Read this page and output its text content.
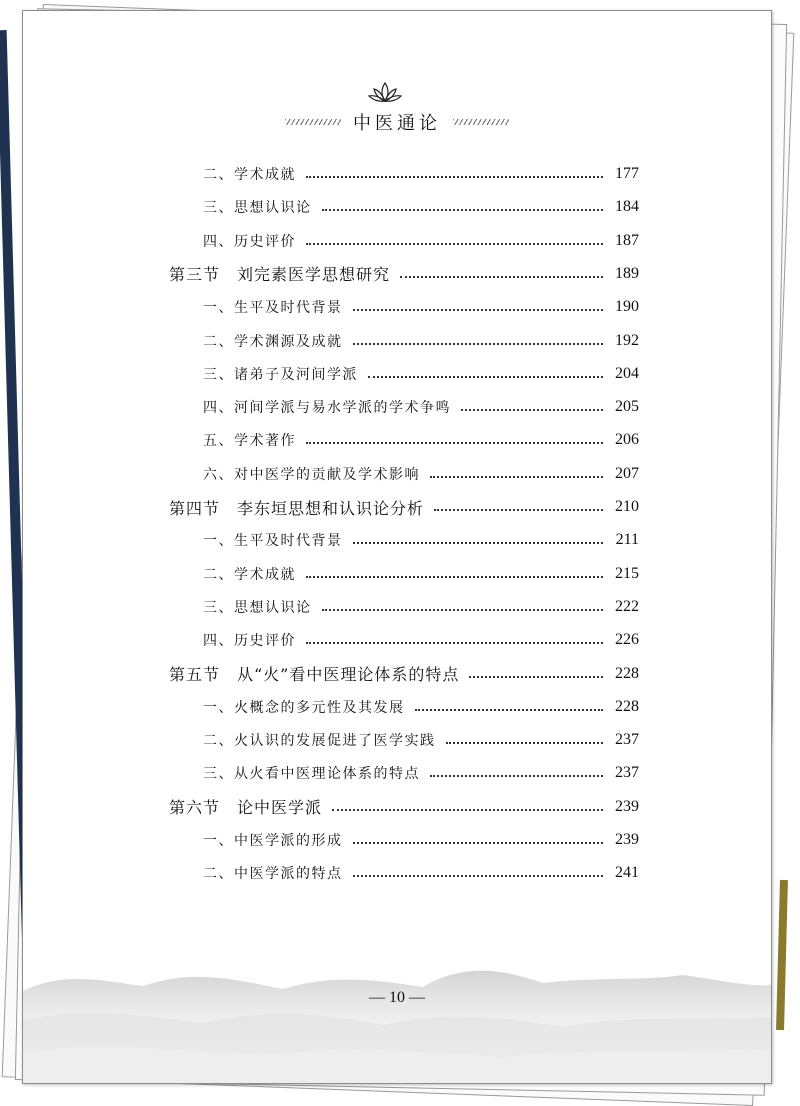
中医通论
二、学术成就	177
三、思想认识论	184
四、历史评价	187
第三节　刘完素医学思想研究	189
一、生平及时代背景	190
二、学术渊源及成就	192
三、诸弟子及河间学派	204
四、河间学派与易水学派的学术争鸣	205
五、学术著作	206
六、对中医学的贡献及学术影响	207
第四节　李东垣思想和认识论分析	210
一、生平及时代背景	211
二、学术成就	215
三、思想认识论	222
四、历史评价	226
第五节　从“火”看中医理论体系的特点	228
一、火概念的多元性及其发展	228
二、火认识的发展促进了医学实践	237
三、从火看中医理论体系的特点	237
第六节　论中医学派	239
一、中医学派的形成	239
二、中医学派的特点	241
— 10 —
